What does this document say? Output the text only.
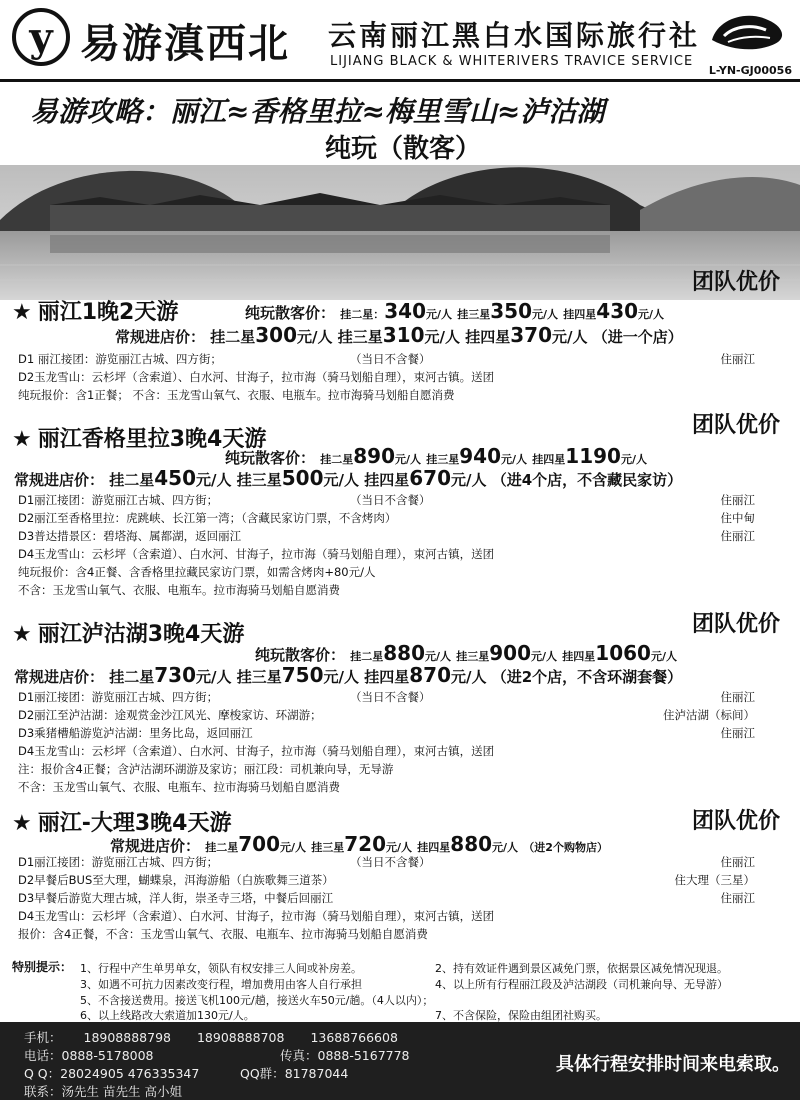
y 易游滇西北 云南丽江黑白水国际旅行社
LIJIANG BLACK & WHITERIVERS TRAVICE SERVICE
L-YN-GJ00056
易游攻略：丽江≈香格里拉≈梅里雪山≈泸沽湖
纯玩（散客）
团队优价
★ 丽江1晚2天游	纯玩散客价： 挂二星：340元/人 挂三星350元/人 挂四星430元/人
常规进店价： 挂二星300元/人 挂三星310元/人 挂四星370元/人 （进一个店）
D1 丽江接团：游览丽江古城、四方街；	（当日不含餐）	住丽江
D2玉龙雪山：云杉坪（含索道）、白水河、甘海子，拉市海（骑马划船自理），束河古镇。送团
纯玩报价：含1正餐； 不含：玉龙雪山氧气、衣服、电瓶车。拉市海骑马划船自愿消费
团队优价
★ 丽江香格里拉3晚4天游
纯玩散客价： 挂二星890元/人 挂三星940元/人 挂四星1190元/人
常规进店价： 挂二星450元/人 挂三星500元/人 挂四星670元/人 （进4个店，不含藏民家访）
D1丽江接团：游览丽江古城、四方街；	（当日不含餐）	住丽江
D2丽江至香格里拉：虎跳峡、长江第一湾；（含藏民家访门票，不含烤肉）	住中甸
D3普达措景区：碧塔海、属都湖，返回丽江	住丽江
D4玉龙雪山：云杉坪（含索道）、白水河、甘海子，拉市海（骑马划船自理），束河古镇，送团
纯玩报价：含4正餐、含香格里拉藏民家访门票，如需含烤肉+80元/人
不含：玉龙雪山氧气、衣服、电瓶车。拉市海骑马划船自愿消费
团队优价
★ 丽江泸沽湖3晚4天游
纯玩散客价： 挂二星880元/人 挂三星900元/人 挂四星1060元/人
常规进店价： 挂二星730元/人 挂三星750元/人 挂四星870元/人 （进2个店，不含环湖套餐）
D1丽江接团：游览丽江古城、四方街；	（当日不含餐）	住丽江
D2丽江至泸沽湖：途观赏金沙江风光、摩梭家访、环湖游；	住泸沽湖（标间）
D3乘猪槽船游览泸沽湖：里务比岛，返回丽江	住丽江
D4玉龙雪山：云杉坪（含索道）、白水河、甘海子，拉市海（骑马划船自理），束河古镇，送团
注：报价含4正餐；含泸沽湖环湖游及家访；丽江段：司机兼向导，无导游
不含：玉龙雪山氧气、衣服、电瓶车、拉市海骑马划船自愿消费
团队优价
★ 丽江-大理3晚4天游
常规进店价： 挂二星700元/人 挂三星720元/人 挂四星880元/人 （进2个购物店）
D1丽江接团：游览丽江古城、四方街；	（当日不含餐）	住丽江
D2早餐后BUS至大理，蝴蝶泉，洱海游船（白族歌舞三道茶）	住大理（三星）
D3早餐后游览大理古城，洋人街，崇圣寺三塔，中餐后回丽江	住丽江
D4玉龙雪山：云杉坪（含索道）、白水河、甘海子，拉市海（骑马划船自理），束河古镇，送团
报价：含4正餐，不含：玉龙雪山氧气、衣服、电瓶车、拉市海骑马划船自愿消费
特别提示： 1、行程中产生单男单女，领队有权安排三人间或补房差。	2、持有效证件遇到景区减免门票，依据景区减免情况现退。
3、如遇不可抗力因素改变行程，增加费用由客人自行承担	4、以上所有行程丽江段及泸沽湖段（司机兼向导、无导游）
5、不含接送费用。接送飞机100元/趟，接送火车50元/趟。（4人以内）；
6、以上线路改大索道加130元/人。	7、不含保险，保险由组团社购买。
手机： 18908888798 18908888708 13688766608
电话：0888-5178008	传真：0888-5167778
Q Q：28024905 476335347	QQ群：81787044
联系：汤先生 苗先生 高小姐
具体行程安排时间来电索取。
